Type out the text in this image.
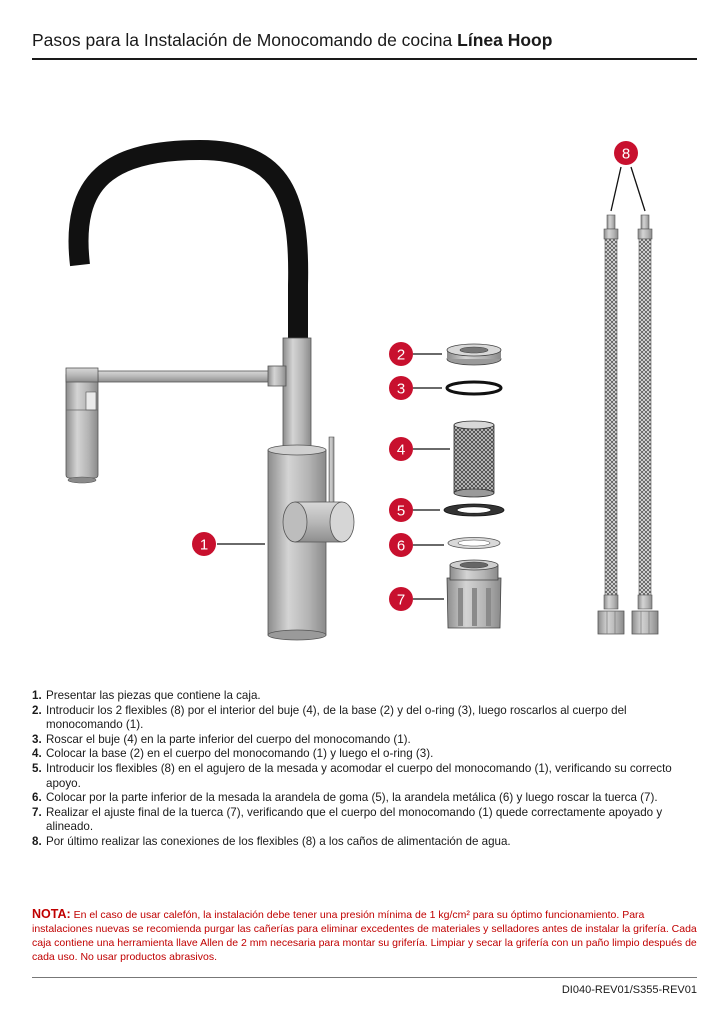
Pasos para la Instalación de Monocomando de cocina Línea Hoop
1
2
3
4
5
6
7
8
1. Presentar las piezas que contiene la caja.
2. Introducir los 2 flexibles (8) por el interior del buje (4), de la base (2) y del o-ring (3), luego roscarlos al cuerpo del monocomando (1).
3. Roscar el buje (4) en la parte inferior del cuerpo del monocomando (1).
4. Colocar la base (2) en el cuerpo del monocomando (1) y luego el o-ring (3).
5. Introducir los flexibles (8) en el agujero de la mesada y acomodar el cuerpo del monocomando (1), verificando su correcto apoyo.
6. Colocar por la parte inferior de la mesada la arandela de goma (5), la arandela metálica (6) y luego roscar la tuerca (7).
7. Realizar el ajuste final de la tuerca (7), verificando que el cuerpo del monocomando (1) quede correctamente apoyado y alineado.
8. Por último realizar las conexiones de los flexibles (8) a los caños de alimentación de agua.
NOTA: En el caso de usar calefón, la instalación debe tener una presión mínima de 1 kg/cm² para su óptimo funcionamiento. Para instalaciones nuevas se recomienda purgar las cañerías para eliminar excedentes de materiales y selladores antes de instalar la grifería. Cada caja contiene una herramienta llave Allen de 2 mm necesaria para montar su grifería. Limpiar y secar la grifería con un paño limpio después de cada uso. No usar productos abrasivos.
DI040-REV01/S355-REV01
